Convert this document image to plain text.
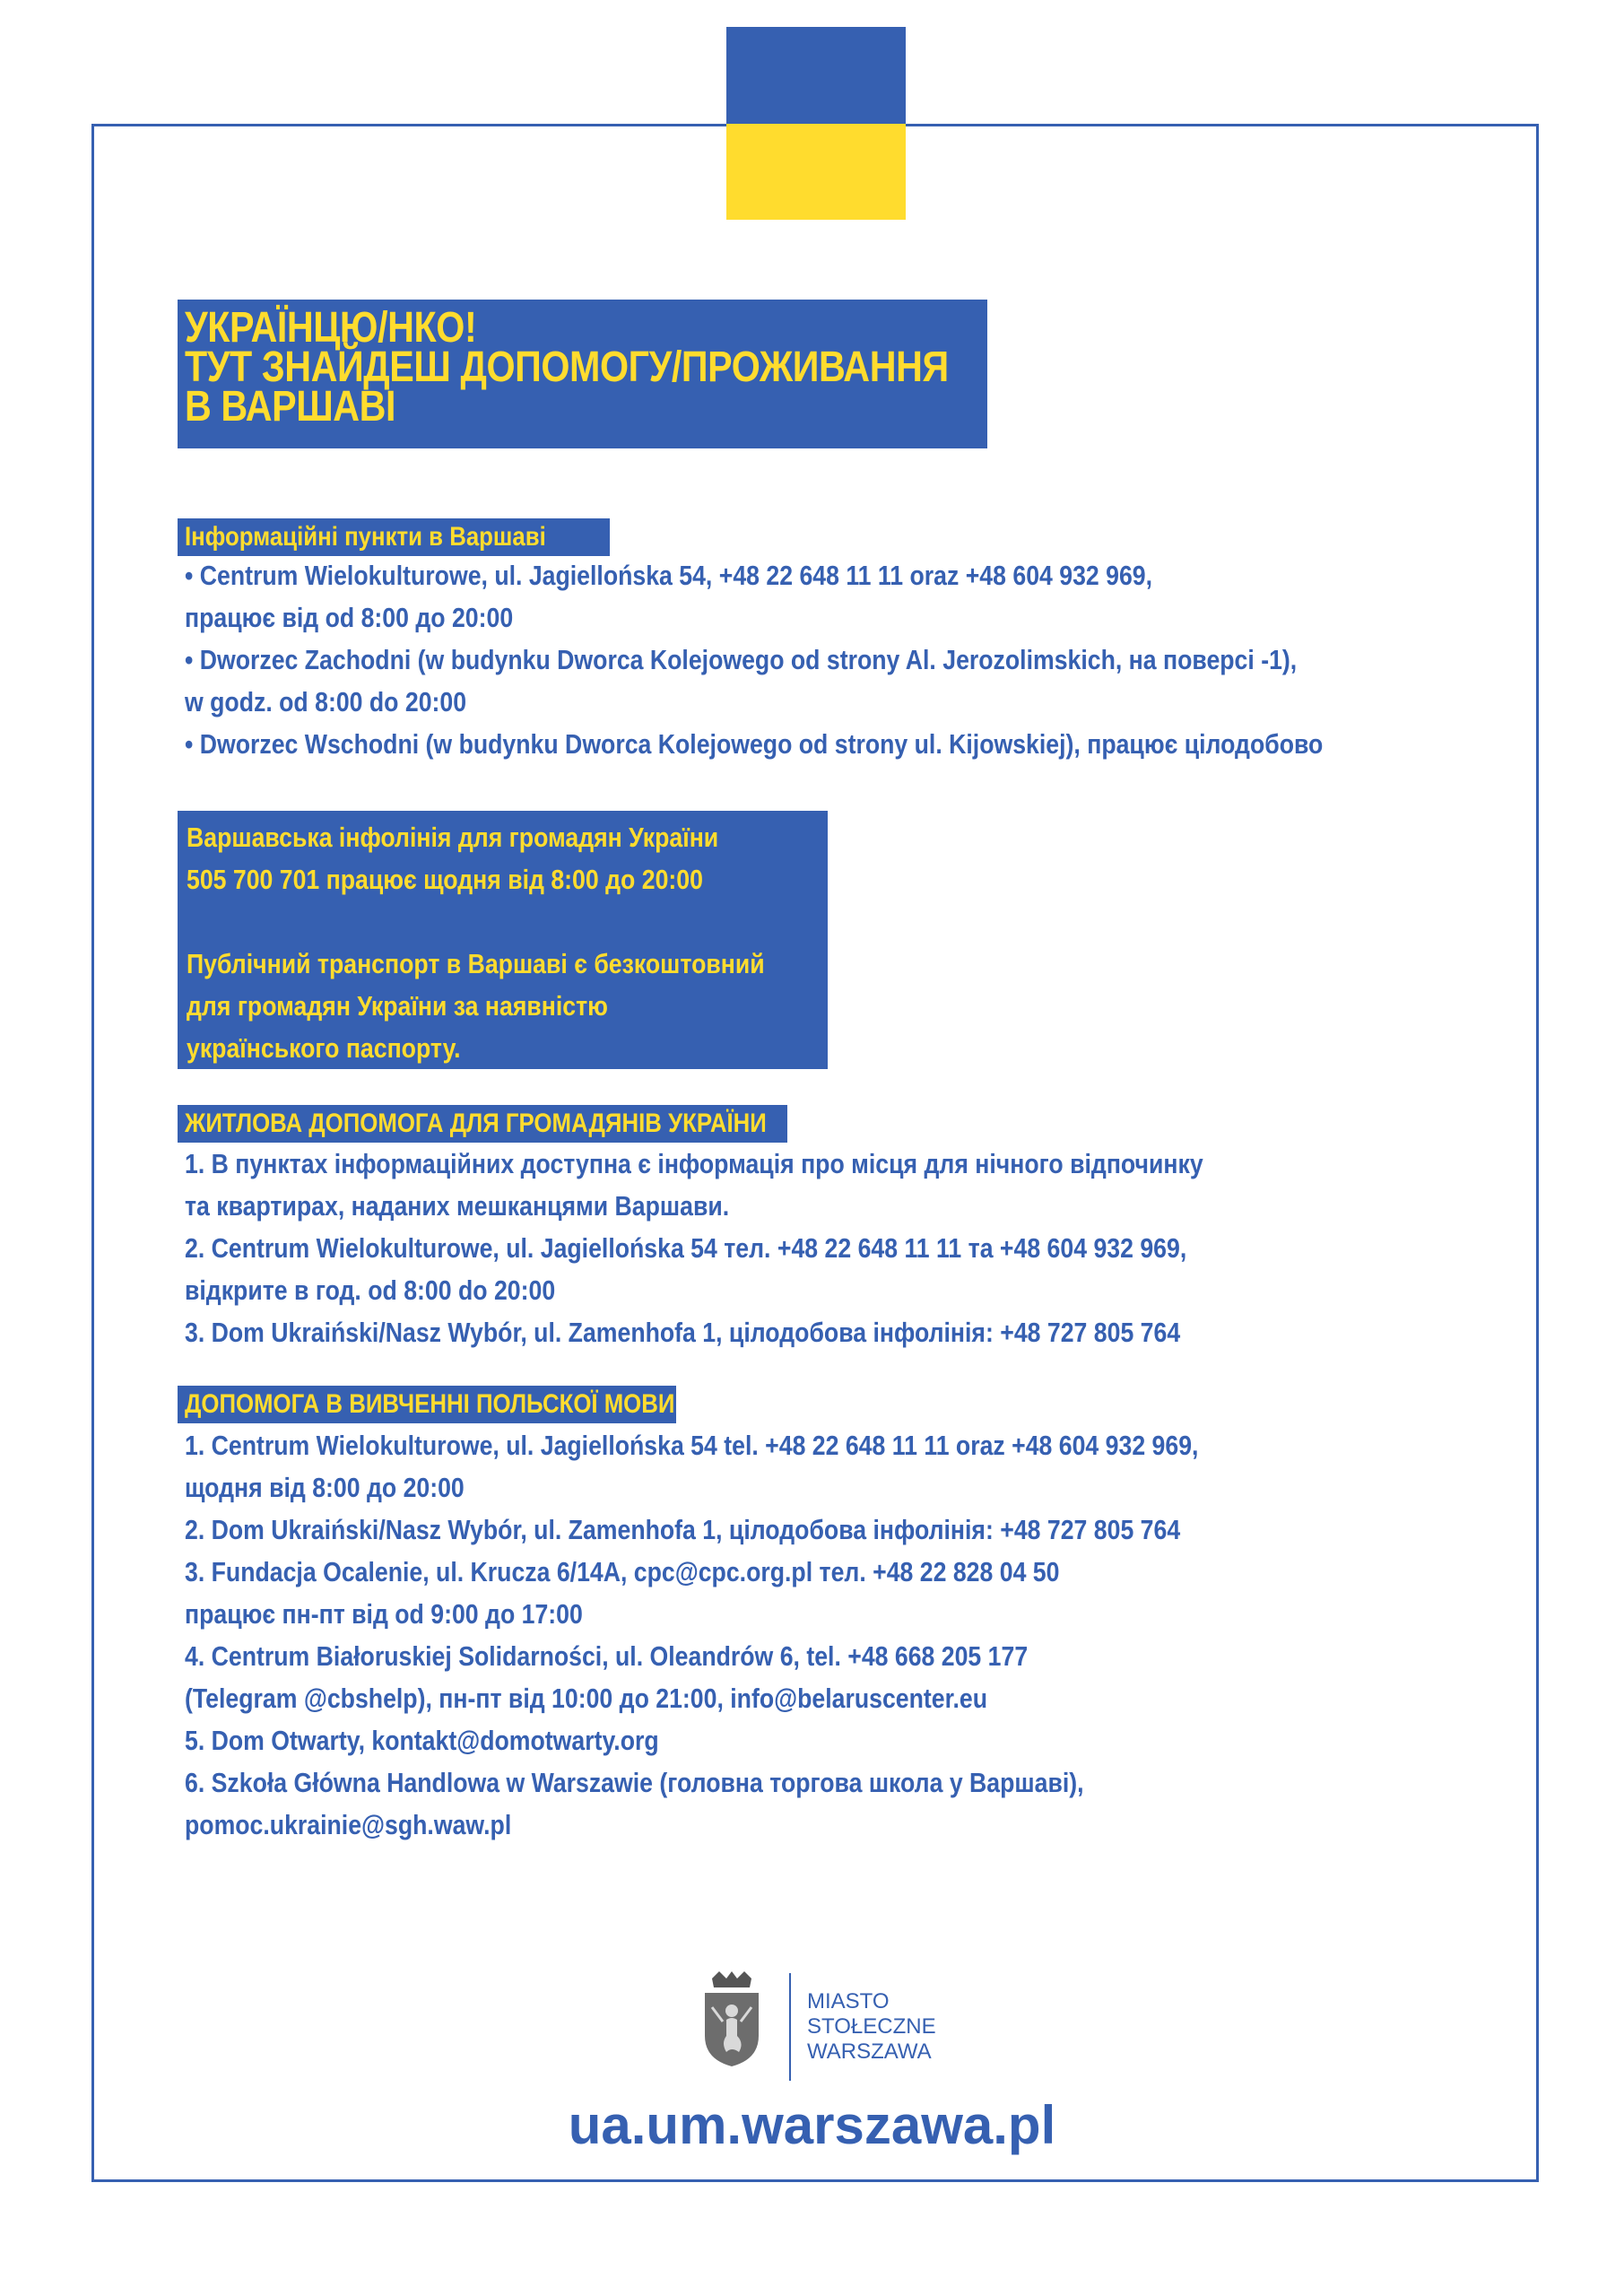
УКРАЇНЦЮ/НКО!
ТУТ ЗНАЙДЕШ ДОПОМОГУ/ПРОЖИВАННЯ
В ВАРШАВІ
Інформаційні пункти в Варшаві
• Centrum Wielokulturowe, ul. Jagiellońska 54, +48 22 648 11 11 oraz +48 604 932 969,
працює від od 8:00 до 20:00
• Dworzec Zachodni (w budynku Dworca Kolejowego od strony Al. Jerozolimskich, на поверсі -1),
w godz. od 8:00 do 20:00
• Dworzec Wschodni (w budynku Dworca Kolejowego od strony ul. Kijowskiej), працює цілодобово
Варшавська інфолінія для громадян України
505 700 701 працює щодня від 8:00 до 20:00
Публічний транспорт в Варшаві є безкоштовний
для громадян України за наявністю
українського паспорту.
ЖИТЛОВА ДОПОМОГА ДЛЯ ГРОМАДЯНІВ УКРАЇНИ
1. В пунктах інформаційних доступна є інформація про місця для нічного відпочинку
та квартирах, наданих мешканцями Варшави.
2. Centrum Wielokulturowe, ul. Jagiellońska 54 тел. +48 22 648 11 11 та +48 604 932 969,
відкрите в год. od 8:00 do 20:00
3. Dom Ukraiński/Nasz Wybór, ul. Zamenhofa 1, цілодобова інфолінія: +48 727 805 764
ДОПОМОГА В ВИВЧЕННІ ПОЛЬСКОЇ МОВИ
1. Centrum Wielokulturowe, ul. Jagiellońska 54 tel. +48 22 648 11 11 oraz +48 604 932 969,
щодня від 8:00 до 20:00
2. Dom Ukraiński/Nasz Wybór, ul. Zamenhofa 1, цілодобова інфолінія: +48 727 805 764
3. Fundacja Ocalenie, ul. Krucza 6/14A, cpc@cpc.org.pl тел. +48 22 828 04 50
працює пн-пт від od 9:00 до 17:00
4. Centrum Białoruskiej Solidarności, ul. Oleandrów 6, tel. +48 668 205 177
(Telegram @cbshelp), пн-пт від 10:00 до 21:00, info@belaruscenter.eu
5. Dom Otwarty, kontakt@domotwarty.org
6. Szkoła Główna Handlowa w Warszawie (головна торгова школа у Варшаві),
pomoc.ukrainie@sgh.waw.pl
MIASTO
STOŁECZNE
WARSZAWA
ua.um.warszawa.pl
